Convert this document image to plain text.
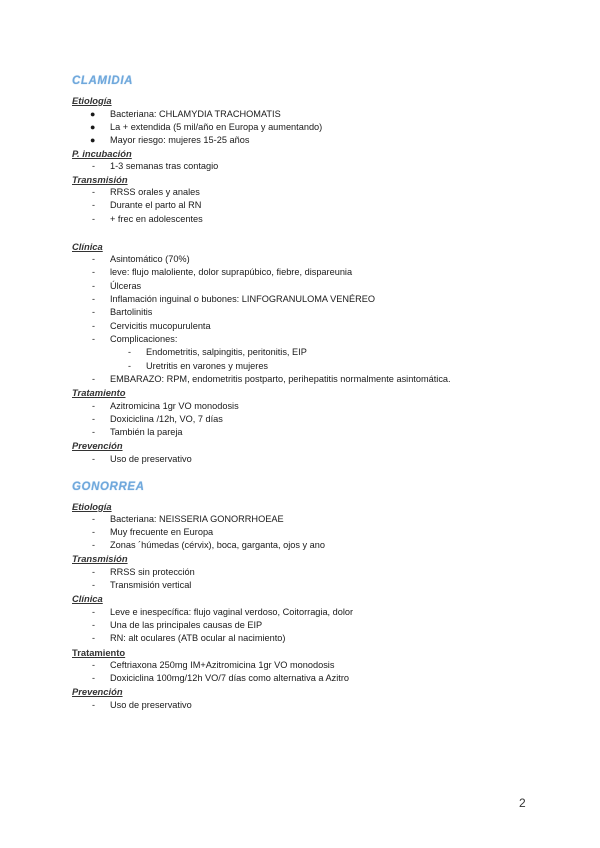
CLAMIDIA
Etiología
● Bacteriana: CHLAMYDIA TRACHOMATIS
● La + extendida (5 mil/año en Europa y aumentando)
● Mayor riesgo: mujeres 15-25 años
P. incubación
- 1-3 semanas tras contagio
Transmisión
- RRSS orales y anales
- Durante el parto al RN
- + frec en adolescentes
Clínica
- Asintomático (70%)
- leve: flujo maloliente, dolor suprapúbico, fiebre, dispareunia
- Úlceras
- Inflamación inguinal o bubones: LINFOGRANULOMA VENÉREO
- Bartolinitis
- Cervicitis mucopurulenta
- Complicaciones:
- Endometritis, salpingitis, peritonitis, EIP
- Uretritis en varones y mujeres
- EMBARAZO: RPM, endometritis postparto, perihepatitis normalmente asintomática.
Tratamiento
- Azitromicina 1gr VO monodosis
- Doxiciclina /12h, VO, 7 días
- También la pareja
Prevención
- Uso de preservativo
GONORREA
Etiología
- Bacteriana: NEISSERIA GONORRHOEAE
- Muy frecuente en Europa
- Zonas ´húmedas (cérvix), boca, garganta, ojos y ano
Transmisión
- RRSS sin protección
- Transmisión vertical
Clínica
- Leve e inespecífica: flujo vaginal verdoso, Coitorragia, dolor
- Una de las principales causas de EIP
- RN: alt oculares (ATB ocular al nacimiento)
Tratamiento
- Ceftriaxona 250mg IM+Azitromicina 1gr VO monodosis
- Doxiciclina 100mg/12h VO/7 días como alternativa a Azitro
Prevención
- Uso de preservativo
2
